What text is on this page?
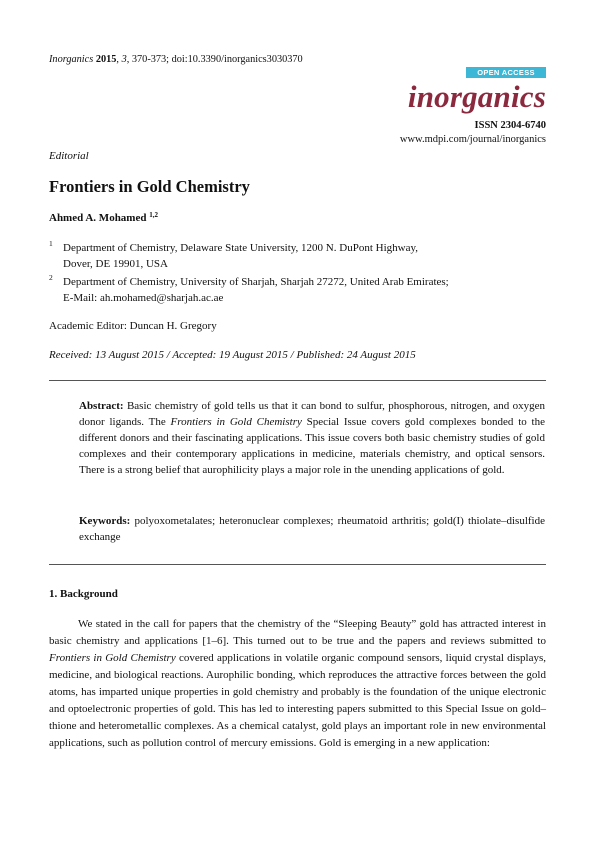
Inorganics 2015, 3, 370-373; doi:10.3390/inorganics3030370
OPEN ACCESS
inorganics
ISSN 2304-6740
www.mdpi.com/journal/inorganics
Editorial
Frontiers in Gold Chemistry
Ahmed A. Mohamed $^{1,2}$
1 Department of Chemistry, Delaware State University, 1200 N. DuPont Highway,
Dover, DE 19901, USA
2 Department of Chemistry, University of Sharjah, Sharjah 27272, United Arab Emirates;
E-Mail: ah.mohamed@sharjah.ac.ae
Academic Editor: Duncan H. Gregory
Received: 13 August 2015 / Accepted: 19 August 2015 / Published: 24 August 2015
Abstract: Basic chemistry of gold tells us that it can bond to sulfur, phosphorous, nitrogen, and oxygen donor ligands. The Frontiers in Gold Chemistry Special Issue covers gold complexes bonded to the different donors and their fascinating applications. This issue covers both basic chemistry studies of gold complexes and their contemporary applications in medicine, materials chemistry, and optical sensors. There is a strong belief that aurophilicity plays a major role in the unending applications of gold.
Keywords: polyoxometalates; heteronuclear complexes; rheumatoid arthritis; gold(I) thiolate–disulfide exchange
1. Background
We stated in the call for papers that the chemistry of the “Sleeping Beauty” gold has attracted interest in basic chemistry and applications [1–6]. This turned out to be true and the papers and reviews submitted to Frontiers in Gold Chemistry covered applications in volatile organic compound sensors, liquid crystal displays, medicine, and biological reactions. Aurophilic bonding, which reproduces the attractive forces between the gold atoms, has imparted unique properties in gold chemistry and probably is the foundation of the unique electronic and optoelectronic properties of gold. This has led to interesting papers submitted to this Special Issue on gold–thione and heterometallic complexes. As a chemical catalyst, gold plays an important role in new environmental applications, such as pollution control of mercury emissions. Gold is emerging in a new application:
